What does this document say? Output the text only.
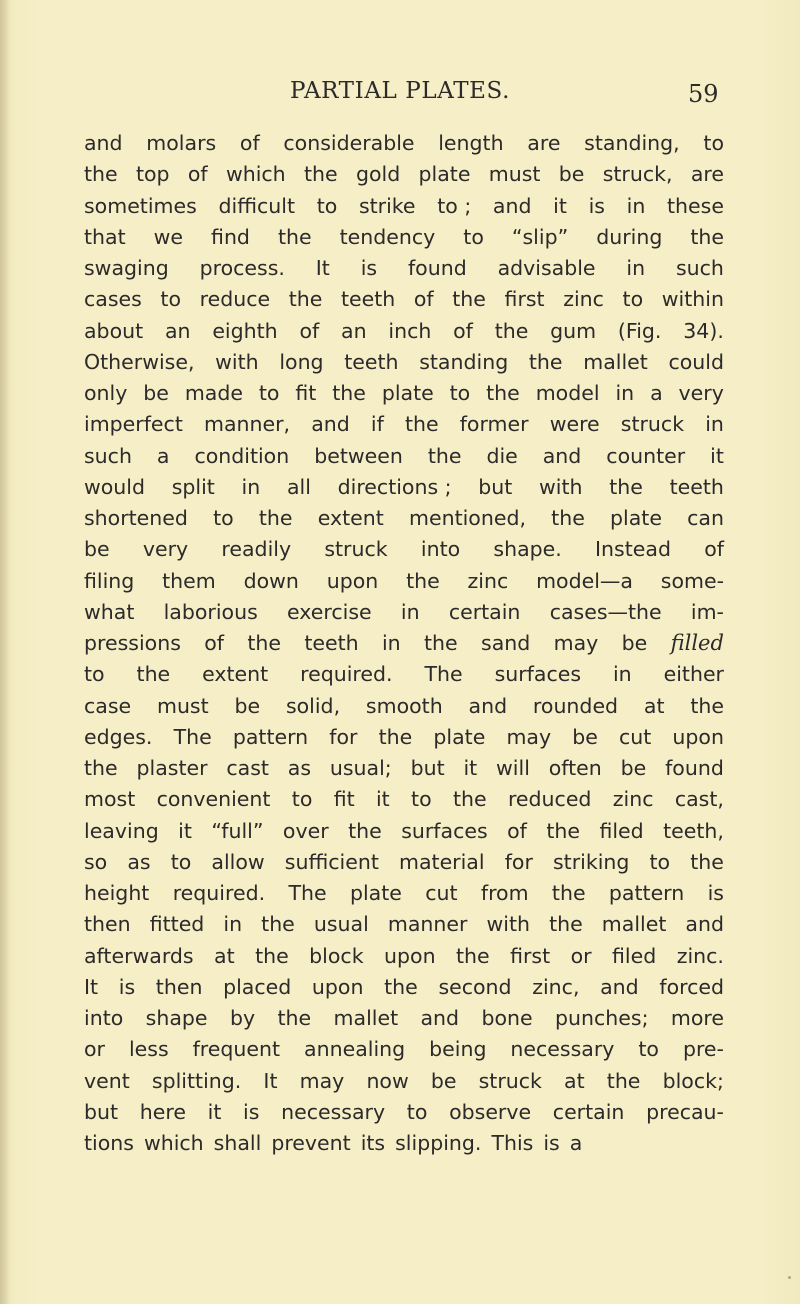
PARTIAL PLATES.	59
and molars of considerable length are standing, to
the top of which the gold plate must be struck, are
sometimes difficult to strike to ; and it is in these
that we find the tendency to “slip” during the
swaging process. It is found advisable in such
cases to reduce the teeth of the first zinc to within
about an eighth of an inch of the gum (Fig. 34).
Otherwise, with long teeth standing the mallet could
only be made to fit the plate to the model in a very
imperfect manner, and if the former were struck in
such a condition between the die and counter it
would split in all directions ; but with the teeth
shortened to the extent mentioned, the plate can
be very readily struck into shape. Instead of
filing them down upon the zinc model—a some-
what laborious exercise in certain cases—the im-
pressions of the teeth in the sand may be filled
to the extent required. The surfaces in either
case must be solid, smooth and rounded at the
edges. The pattern for the plate may be cut upon
the plaster cast as usual; but it will often be found
most convenient to fit it to the reduced zinc cast,
leaving it “full” over the surfaces of the filed teeth,
so as to allow sufficient material for striking to the
height required. The plate cut from the pattern is
then fitted in the usual manner with the mallet and
afterwards at the block upon the first or filed zinc.
It is then placed upon the second zinc, and forced
into shape by the mallet and bone punches; more
or less frequent annealing being necessary to pre-
vent splitting. It may now be struck at the block;
but here it is necessary to observe certain precau-
tions which shall prevent its slipping. This is a
